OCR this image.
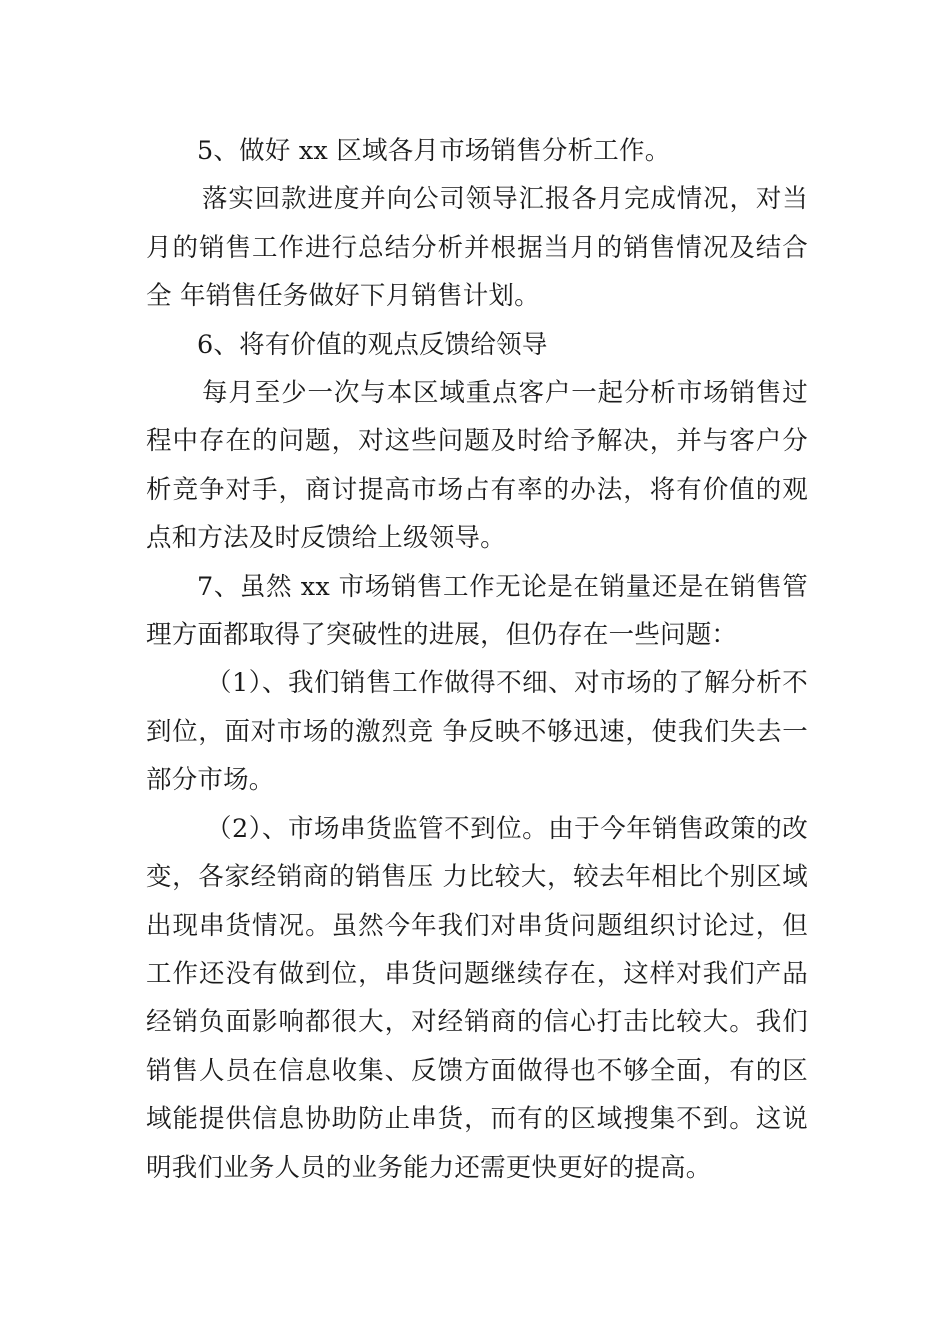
5、做好 xx 区域各月市场销售分析工作。

落实回款进度并向公司领导汇报各月完成情况，对当月的销售工作进行总结分析并根据当月的销售情况及结合全 年销售任务做好下月销售计划。

6、将有价值的观点反馈给领导

每月至少一次与本区域重点客户一起分析市场销售过程中存在的问题，对这些问题及时给予解决，并与客户分析竞争对手，商讨提高市场占有率的办法，将有价值的观点和方法及时反馈给上级领导。

7、虽然 xx 市场销售工作无论是在销量还是在销售管理方面都取得了突破性的进展，但仍存在一些问题：

（1）、我们销售工作做得不细、对市场的了解分析不到位，面对市场的激烈竞 争反映不够迅速，使我们失去一部分市场。

（2）、市场串货监管不到位。由于今年销售政策的改变，各家经销商的销售压 力比较大，较去年相比个别区域出现串货情况。虽然今年我们对串货问题组织讨论过，但工作还没有做到位，串货问题继续存在，这样对我们产品经销负面影响都很大，对经销商的信心打击比较大。我们销售人员在信息收集、反馈方面做得也不够全面，有的区域能提供信息协助防止串货，而有的区域搜集不到。这说明我们业务人员的业务能力还需更快更好的提高。
